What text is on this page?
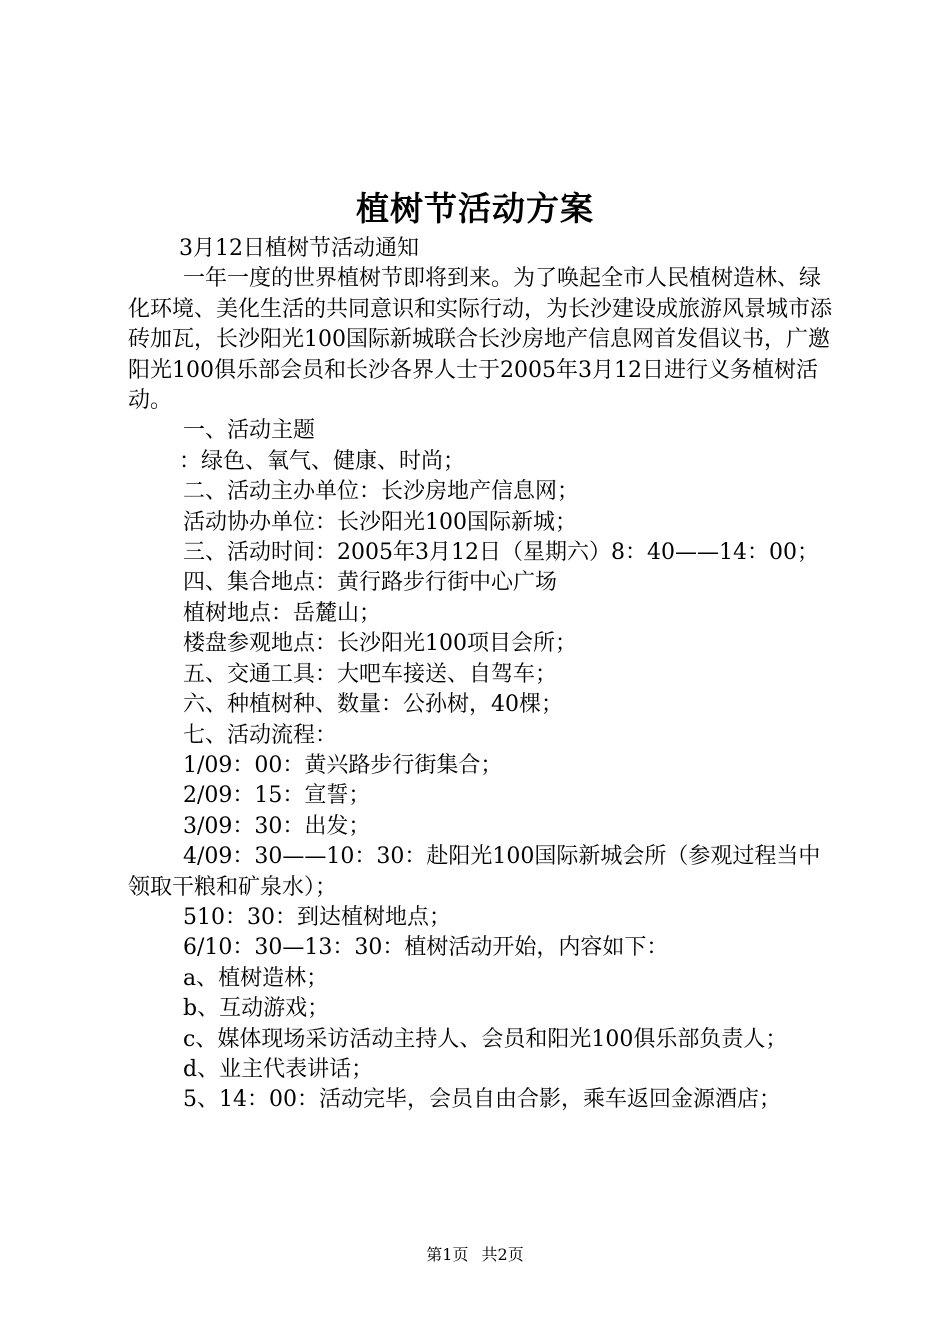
植树节活动方案

3月12日植树节活动通知

一年一度的世界植树节即将到来。为了唤起全市人民植树造林、绿化环境、美化生活的共同意识和实际行动，为长沙建设成旅游风景城市添砖加瓦，长沙阳光100国际新城联合长沙房地产信息网首发倡议书，广邀阳光100俱乐部会员和长沙各界人士于2005年3月12日进行义务植树活动。

一、活动主题

：绿色、氧气、健康、时尚；

二、活动主办单位：长沙房地产信息网；

活动协办单位：长沙阳光100国际新城；

三、活动时间：2005年3月12日（星期六）8：40——14：00；

四、集合地点：黄行路步行街中心广场

植树地点：岳麓山；

楼盘参观地点：长沙阳光100项目会所；

五、交通工具：大吧车接送、自驾车；

六、种植树种、数量：公孙树，40棵；

七、活动流程：

1/09：00：黄兴路步行街集合；

2/09：15：宣誓；

3/09：30：出发；

4/09：30——10：30：赴阳光100国际新城会所（参观过程当中领取干粮和矿泉水）；

510：30：到达植树地点；

6/10：30—13：30：植树活动开始，内容如下：

a、植树造林；

b、互动游戏；

c、媒体现场采访活动主持人、会员和阳光100俱乐部负责人；

d、业主代表讲话；

5、14：00：活动完毕，会员自由合影，乘车返回金源酒店；

第1页 共2页
